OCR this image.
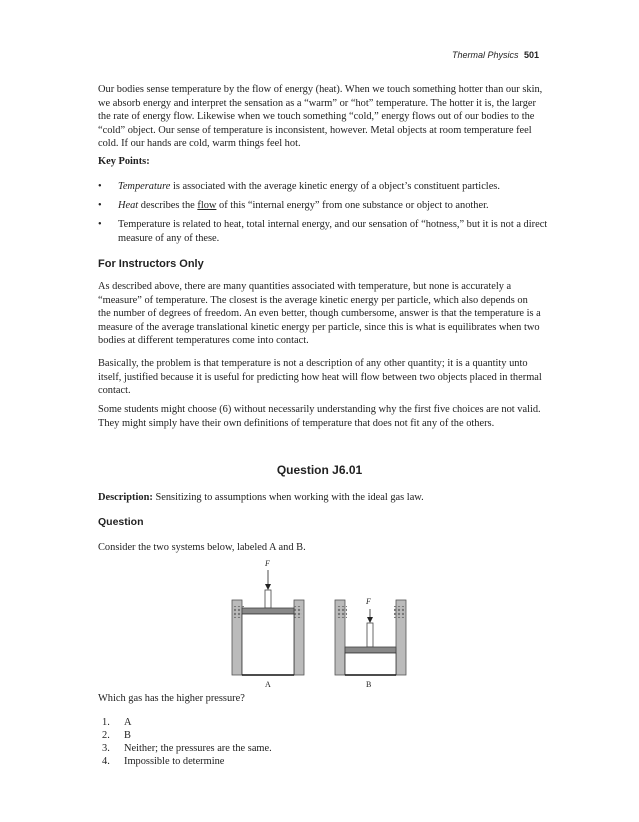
Thermal Physics 501
Our bodies sense temperature by the flow of energy (heat). When we touch something hotter than our skin,
we absorb energy and interpret the sensation as a “warm” or “hot” temperature. The hotter it is, the larger
the rate of energy flow. Likewise when we touch something “cold,” energy flows out of our bodies to the
“cold” object. Our sense of temperature is inconsistent, however. Metal objects at room temperature feel
cold. If our hands are cold, warm things feel hot.
Key Points:
• Temperature is associated with the average kinetic energy of a object’s constituent particles.
• Heat describes the flow of this “internal energy” from one substance or object to another.
• Temperature is related to heat, total internal energy, and our sensation of “hotness,” but it is not a direct
measure of any of these.
For Instructors Only
As described above, there are many quantities associated with temperature, but none is accurately a
“measure” of temperature. The closest is the average kinetic energy per particle, which also depends on
the number of degrees of freedom. An even better, though cumbersome, answer is that the temperature is a
measure of the average translational kinetic energy per particle, since this is what is equilibrates when two
bodies at different temperatures come into contact.
Basically, the problem is that temperature is not a description of any other quantity; it is a quantity unto
itself, justified because it is useful for predicting how heat will flow between two objects placed in thermal
contact.
Some students might choose (6) without necessarily understanding why the first five choices are not valid.
They might simply have their own definitions of temperature that does not fit any of the others.
Question J6.01
Description: Sensitizing to assumptions when working with the ideal gas law.
Question
Consider the two systems below, labeled A and B.
F
A
F
B
Which gas has the higher pressure?
1. A
2. B
3. Neither; the pressures are the same.
4. Impossible to determine
